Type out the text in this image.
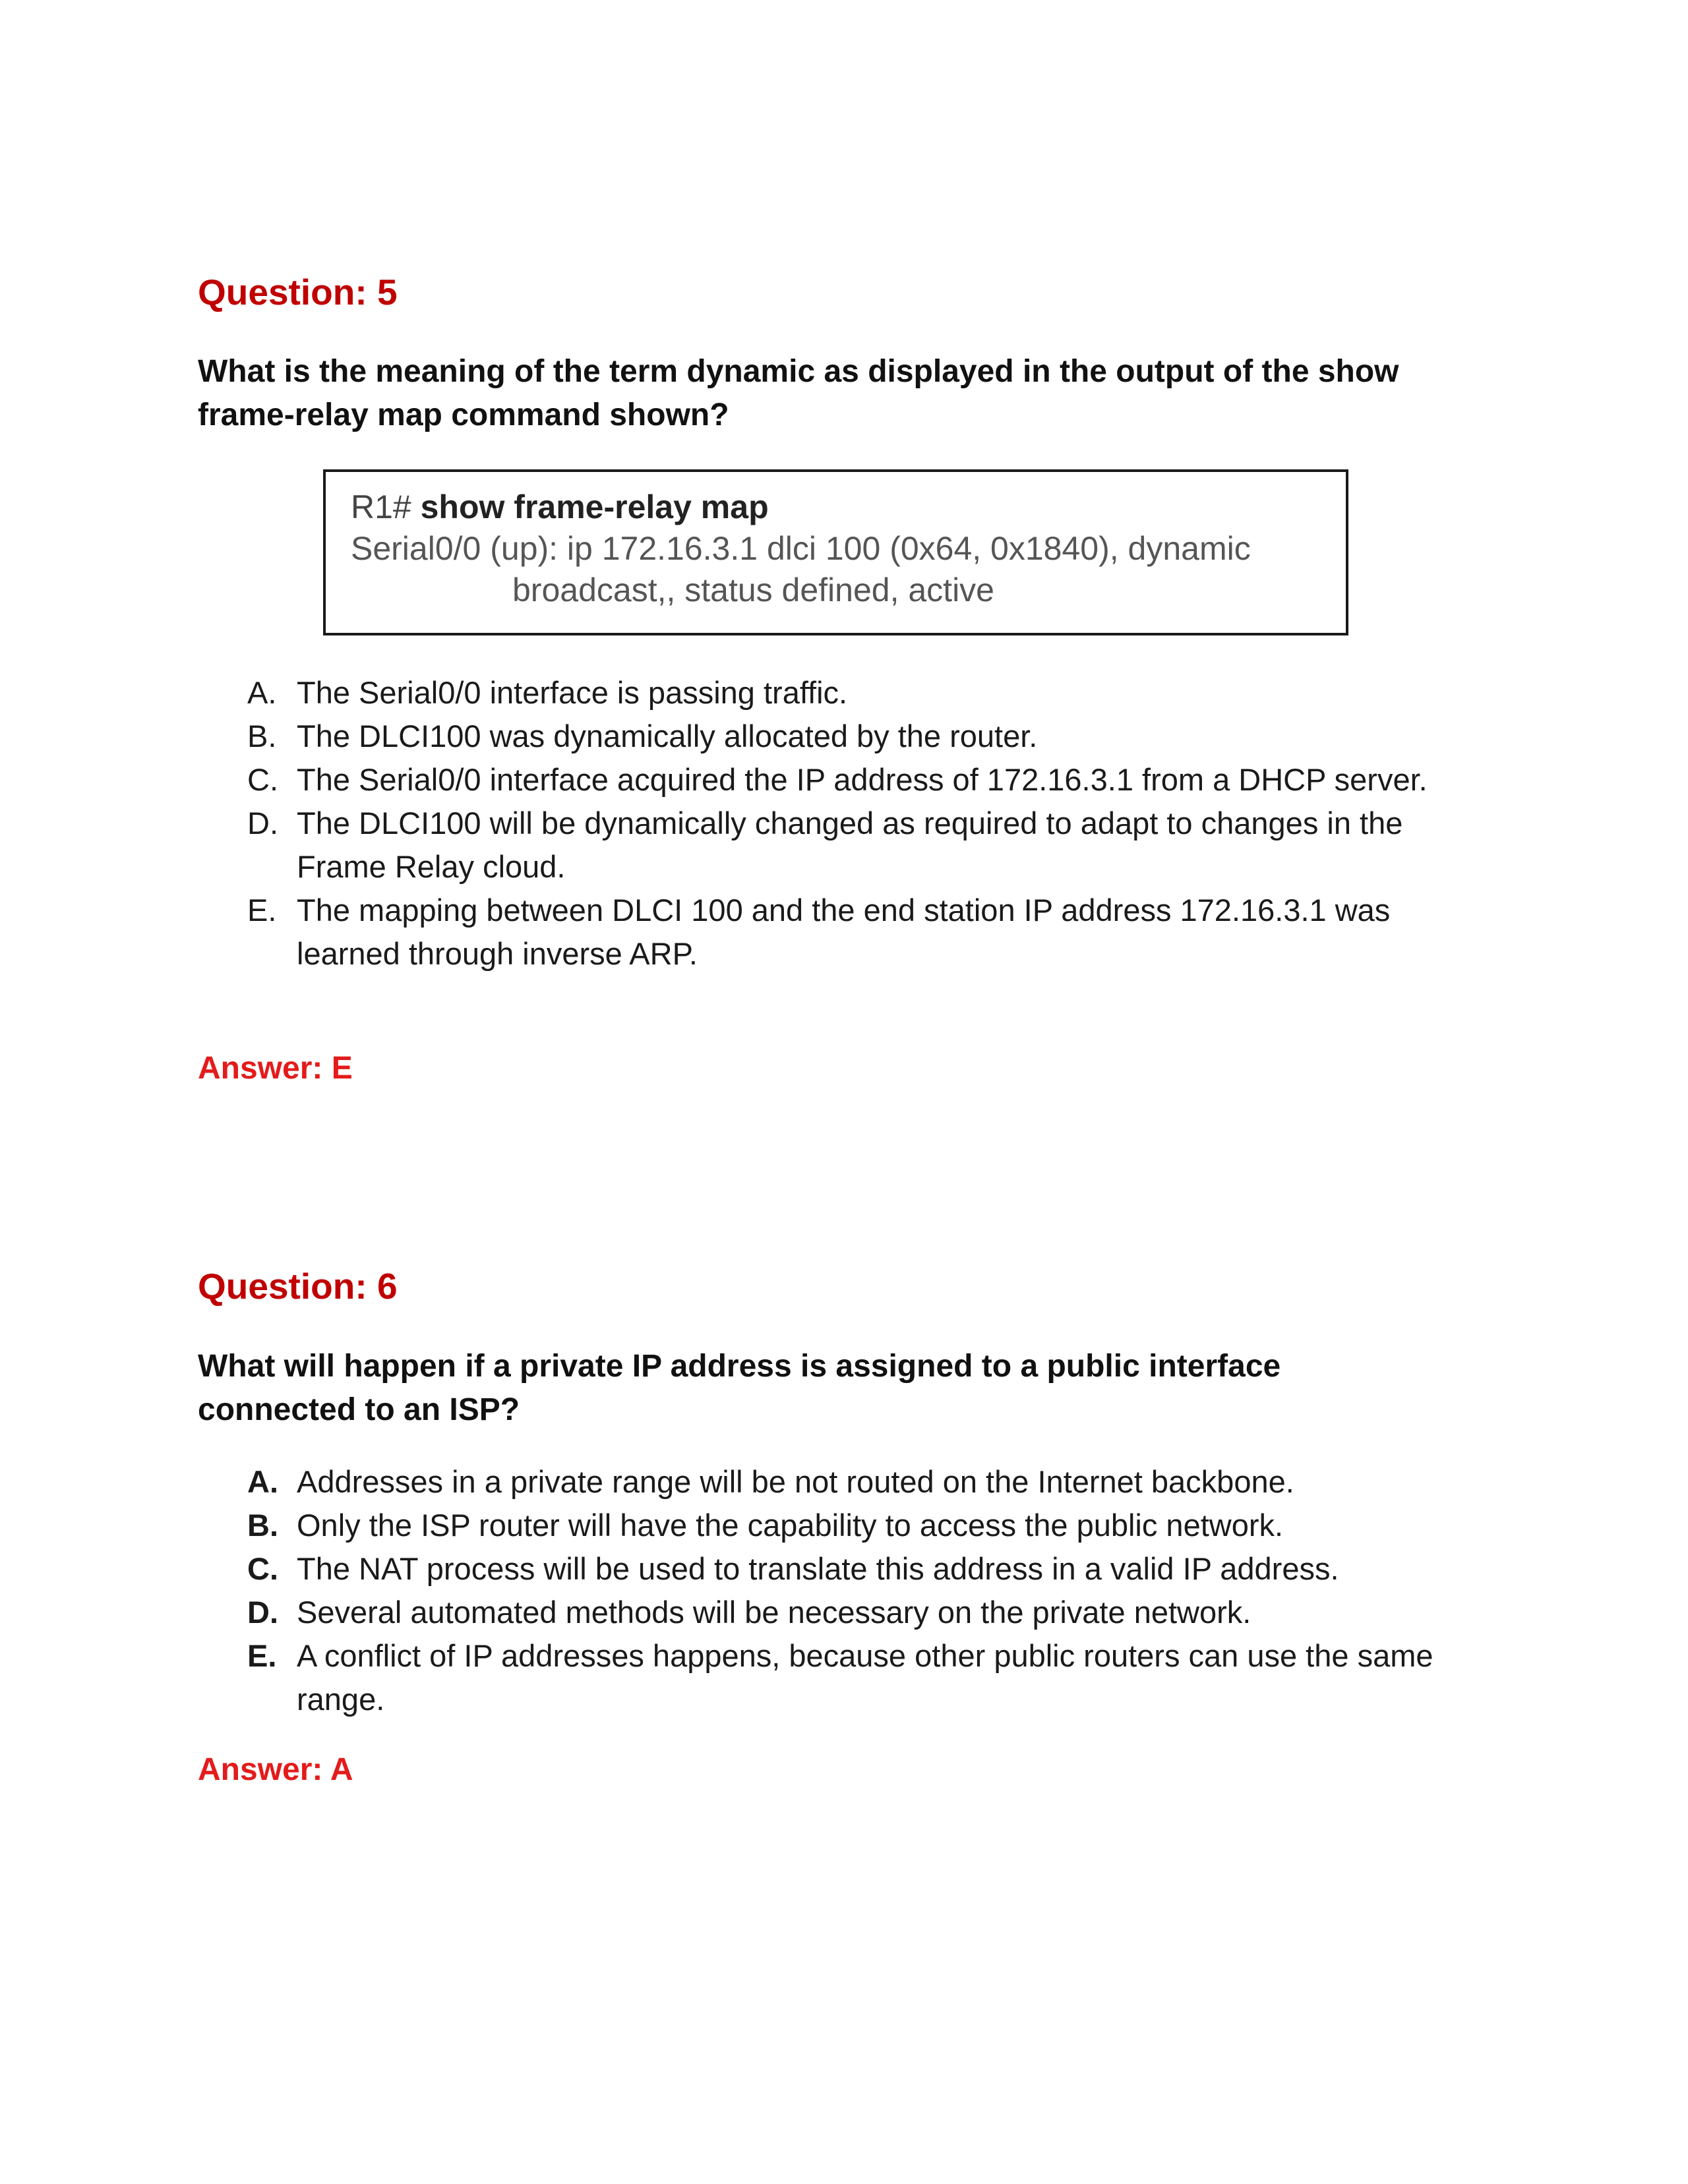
Question: 5

What is the meaning of the term dynamic as displayed in the output of the show frame-relay map command shown?

R1# show frame-relay map
Serial0/0 (up): ip 172.16.3.1 dlci 100 (0x64, 0x1840), dynamic
broadcast,, status defined, active
A. The Serial0/0 interface is passing traffic.
B. The DLCI100 was dynamically allocated by the router.
C. The Serial0/0 interface acquired the IP address of 172.16.3.1 from a DHCP server.
D. The DLCI100 will be dynamically changed as required to adapt to changes in the Frame Relay cloud.
E. The mapping between DLCI 100 and the end station IP address 172.16.3.1 was learned through inverse ARP.

Answer: E

Question: 6

What will happen if a private IP address is assigned to a public interface connected to an ISP?

A. Addresses in a private range will be not routed on the Internet backbone.
B. Only the ISP router will have the capability to access the public network.
C. The NAT process will be used to translate this address in a valid IP address.
D. Several automated methods will be necessary on the private network.
E. A conflict of IP addresses happens, because other public routers can use the same range.

Answer: A
